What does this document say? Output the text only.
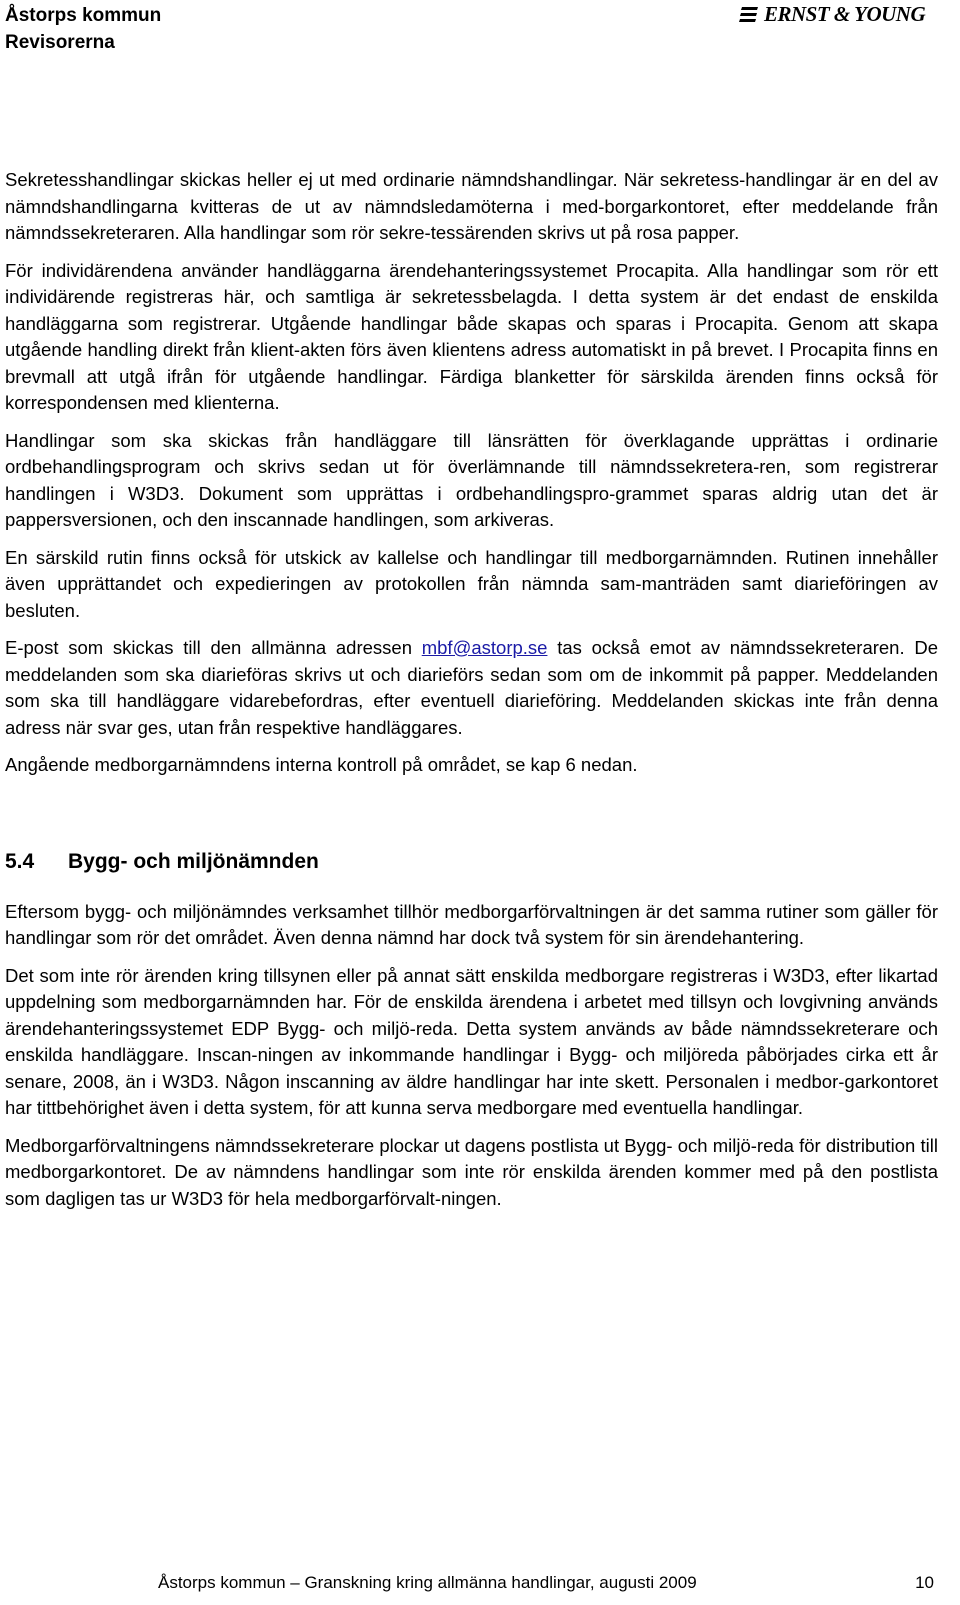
Åstorps kommun
Revisorerna
ERNST & YOUNG

Sekretesshandlingar skickas heller ej ut med ordinarie nämndshandlingar. När sekretess-handlingar är en del av nämndshandlingarna kvitteras de ut av nämndsledamöterna i med-borgarkontoret, efter meddelande från nämndssekreteraren. Alla handlingar som rör sekre-tessärenden skrivs ut på rosa papper.

För individärendena använder handläggarna ärendehanteringssystemet Procapita. Alla handlingar som rör ett individärende registreras här, och samtliga är sekretessbelagda. I detta system är det endast de enskilda handläggarna som registrerar. Utgående handlingar både skapas och sparas i Procapita. Genom att skapa utgående handling direkt från klient-akten förs även klientens adress automatiskt in på brevet. I Procapita finns en brevmall att utgå ifrån för utgående handlingar. Färdiga blanketter för särskilda ärenden finns också för korrespondensen med klienterna.

Handlingar som ska skickas från handläggare till länsrätten för överklagande upprättas i ordinarie ordbehandlingsprogram och skrivs sedan ut för överlämnande till nämndssekretera-ren, som registrerar handlingen i W3D3. Dokument som upprättas i ordbehandlingspro-grammet sparas aldrig utan det är pappersversionen, och den inscannade handlingen, som arkiveras.

En särskild rutin finns också för utskick av kallelse och handlingar till medborgarnämnden. Rutinen innehåller även upprättandet och expedieringen av protokollen från nämnda sam-manträden samt diarieföringen av besluten.

E-post som skickas till den allmänna adressen mbf@astorp.se tas också emot av nämndssekreteraren. De meddelanden som ska diarieföras skrivs ut och diarieförs sedan som om de inkommit på papper. Meddelanden som ska till handläggare vidarebefordras, efter eventuell diarieföring. Meddelanden skickas inte från denna adress när svar ges, utan från respektive handläggares.

Angående medborgarnämndens interna kontroll på området, se kap 6 nedan.

5.4	Bygg- och miljönämnden

Eftersom bygg- och miljönämndes verksamhet tillhör medborgarförvaltningen är det samma rutiner som gäller för handlingar som rör det området. Även denna nämnd har dock två system för sin ärendehantering.

Det som inte rör ärenden kring tillsynen eller på annat sätt enskilda medborgare registreras i W3D3, efter likartad uppdelning som medborgarnämnden har. För de enskilda ärendena i arbetet med tillsyn och lovgivning används ärendehanteringssystemet EDP Bygg- och miljö-reda. Detta system används av både nämndssekreterare och enskilda handläggare. Inscan-ningen av inkommande handlingar i Bygg- och miljöreda påbörjades cirka ett år senare, 2008, än i W3D3. Någon inscanning av äldre handlingar har inte skett. Personalen i medbor-garkontoret har tittbehörighet även i detta system, för att kunna serva medborgare med eventuella handlingar.

Medborgarförvaltningens nämndssekreterare plockar ut dagens postlista ut Bygg- och miljö-reda för distribution till medborgarkontoret. De av nämndens handlingar som inte rör enskilda ärenden kommer med på den postlista som dagligen tas ur W3D3 för hela medborgarförvalt-ningen.

Åstorps kommun – Granskning kring allmänna handlingar, augusti 2009	10
